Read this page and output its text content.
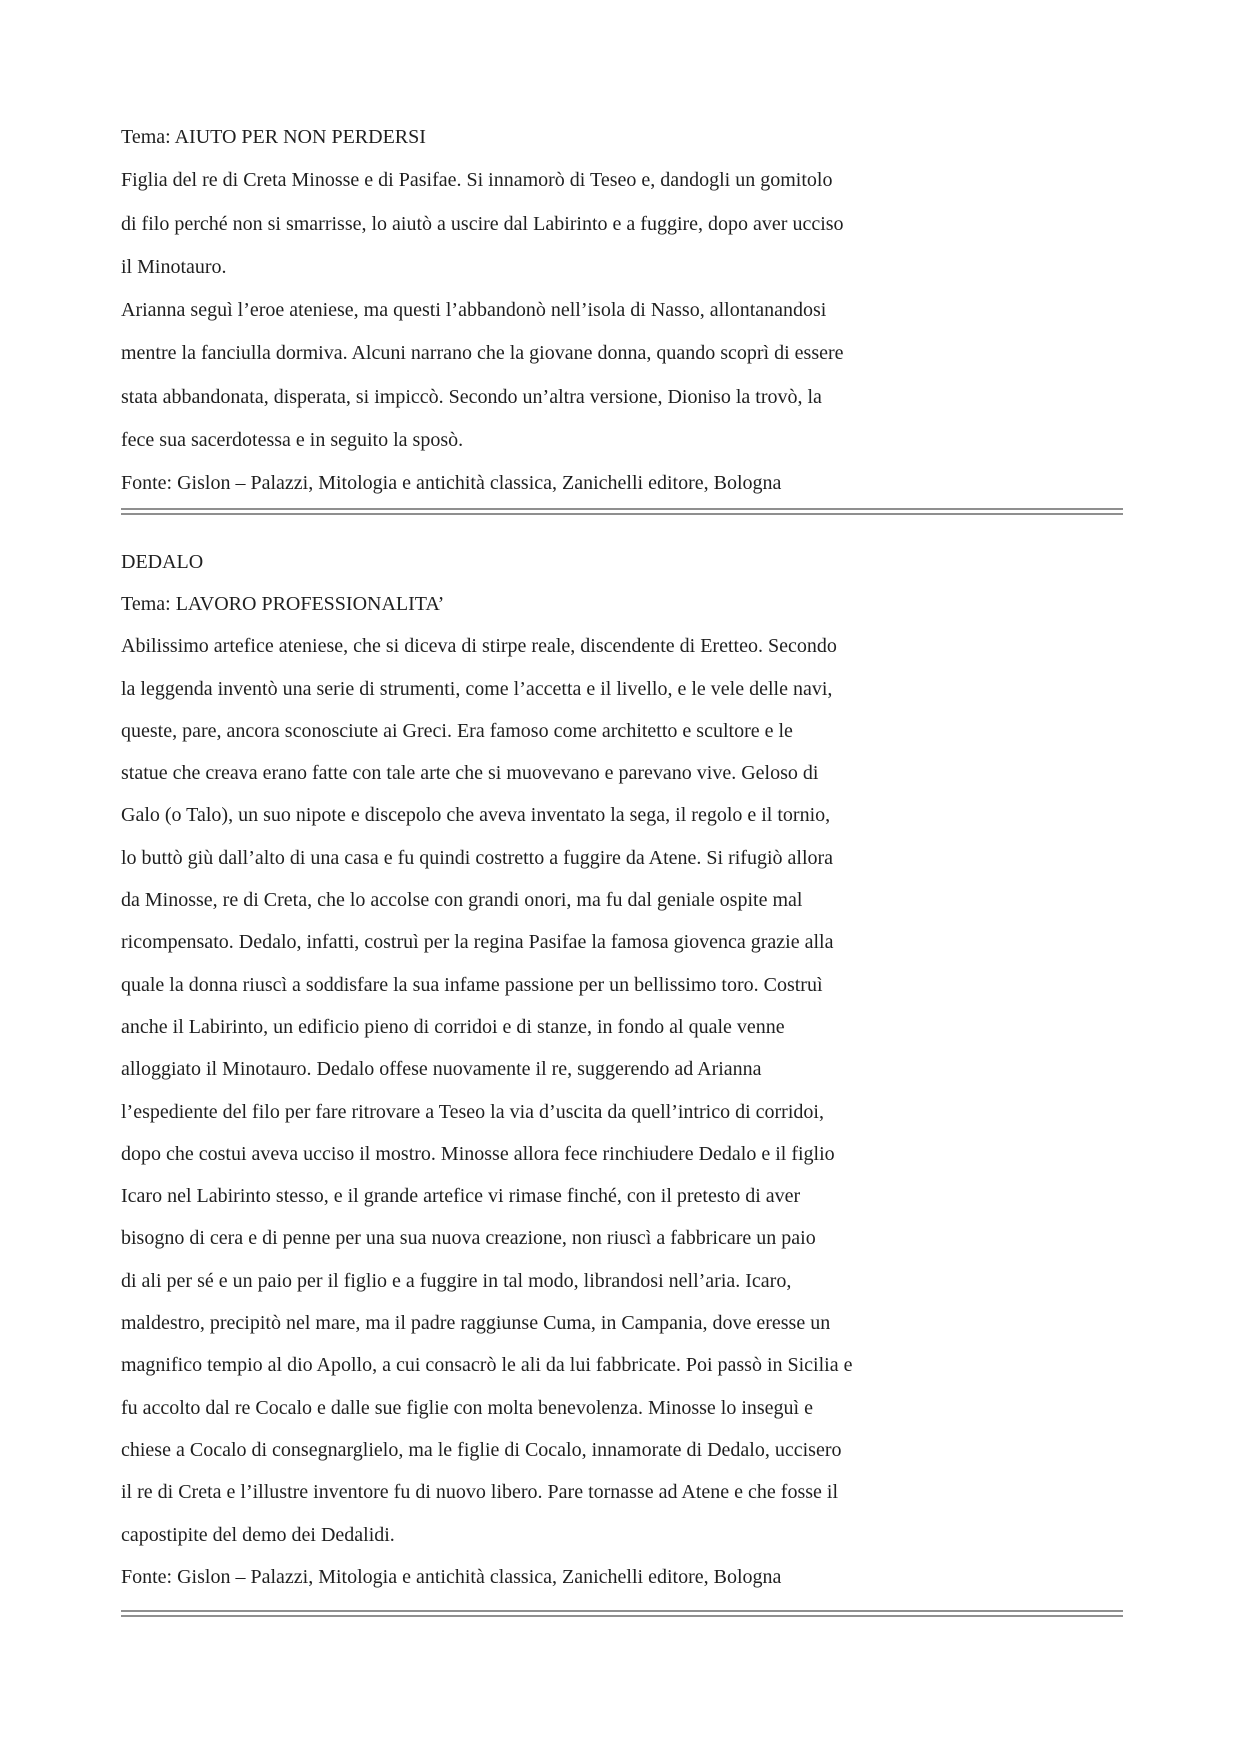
Tema: AIUTO PER NON PERDERSI
Figlia del re di Creta Minosse e di Pasifae. Si innamorò di Teseo e, dandogli un gomitolo
di filo perché non si smarrisse, lo aiutò a uscire dal Labirinto e a fuggire, dopo aver ucciso
il Minotauro.
Arianna seguì l’eroe ateniese, ma questi l’abbandonò nell’isola di Nasso, allontanandosi
mentre la fanciulla dormiva. Alcuni narrano che la giovane donna, quando scoprì di essere
stata abbandonata, disperata, si impiccò. Secondo un’altra versione, Dioniso la trovò, la
fece sua sacerdotessa e in seguito la sposò.
Fonte: Gislon – Palazzi, Mitologia e antichità classica, Zanichelli editore, Bologna
DEDALO
Tema: LAVORO PROFESSIONALITA’
Abilissimo artefice ateniese, che si diceva di stirpe reale, discendente di Eretteo. Secondo
la leggenda inventò una serie di strumenti, come l’accetta e il livello, e le vele delle navi,
queste, pare, ancora sconosciute ai Greci. Era famoso come architetto e scultore e le
statue che creava erano fatte con tale arte che si muovevano e parevano vive. Geloso di
Galo (o Talo), un suo nipote e discepolo che aveva inventato la sega, il regolo e il tornio,
lo buttò giù dall’alto di una casa e fu quindi costretto a fuggire da Atene. Si rifugiò allora
da Minosse, re di Creta, che lo accolse con grandi onori, ma fu dal geniale ospite mal
ricompensato. Dedalo, infatti, costruì per la regina Pasifae la famosa giovenca grazie alla
quale la donna riuscì a soddisfare la sua infame passione per un bellissimo toro. Costruì
anche il Labirinto, un edificio pieno di corridoi e di stanze, in fondo al quale venne
alloggiato il Minotauro. Dedalo offese nuovamente il re, suggerendo ad Arianna
l’espediente del filo per fare ritrovare a Teseo la via d’uscita da quell’intrico di corridoi,
dopo che costui aveva ucciso il mostro. Minosse allora fece rinchiudere Dedalo e il figlio
Icaro nel Labirinto stesso, e il grande artefice vi rimase finché, con il pretesto di aver
bisogno di cera e di penne per una sua nuova creazione, non riuscì a fabbricare un paio
di ali per sé e un paio per il figlio e a fuggire in tal modo, librandosi nell’aria. Icaro,
maldestro, precipitò nel mare, ma il padre raggiunse Cuma, in Campania, dove eresse un
magnifico tempio al dio Apollo, a cui consacrò le ali da lui fabbricate. Poi passò in Sicilia e
fu accolto dal re Cocalo e dalle sue figlie con molta benevolenza. Minosse lo inseguì e
chiese a Cocalo di consegnarglielo, ma le figlie di Cocalo, innamorate di Dedalo, uccisero
il re di Creta e l’illustre inventore fu di nuovo libero. Pare tornasse ad Atene e che fosse il
capostipite del demo dei Dedalidi.
Fonte: Gislon – Palazzi, Mitologia e antichità classica, Zanichelli editore, Bologna
